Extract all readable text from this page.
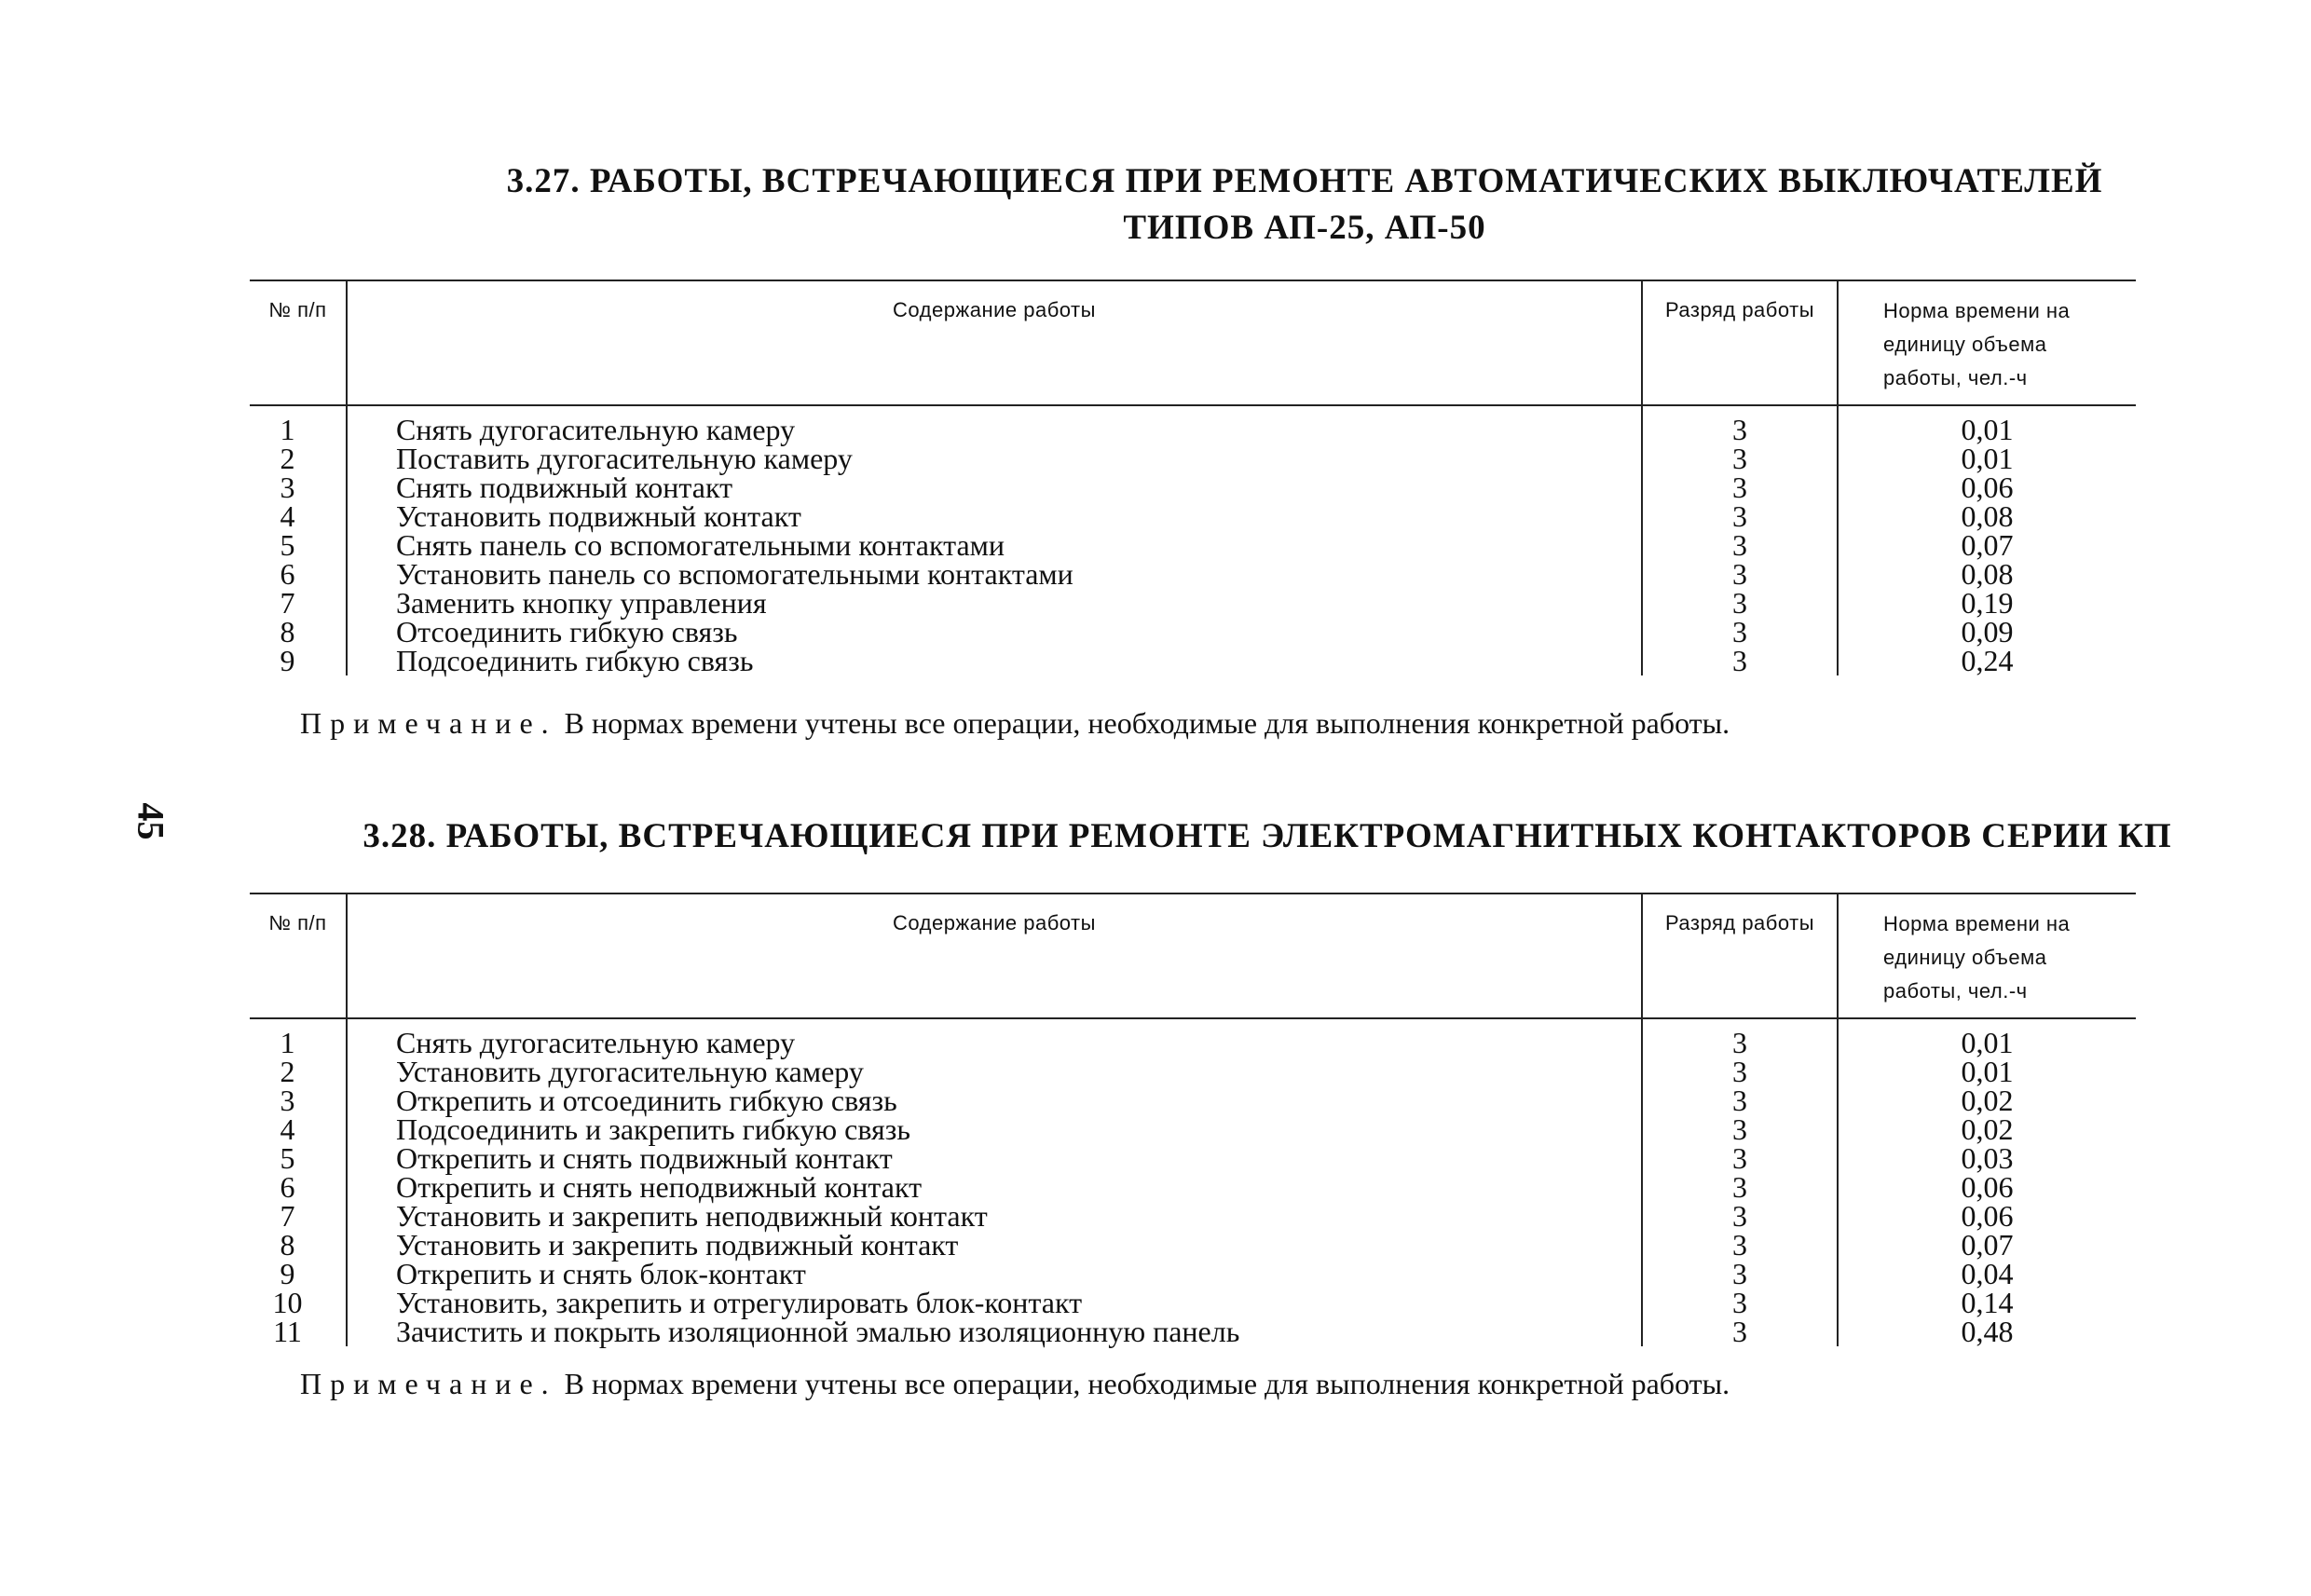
45
3.27. РАБОТЫ, ВСТРЕЧАЮЩИЕСЯ ПРИ РЕМОНТЕ АВТОМАТИЧЕСКИХ ВЫКЛЮЧАТЕЛЕЙ
ТИПОВ АП-25, АП-50
№ п/п	Содержание работы	Разряд работы	Норма времени на
единицу объема
работы, чел.-ч

1	Снять дугогасительную камеру	3	0,01
2	Поставить дугогасительную камеру	3	0,01
3	Снять подвижный контакт	3	0,06
4	Установить подвижный контакт	3	0,08
5	Снять панель со вспомогательными контактами	3	0,07
6	Установить панель со вспомогательными контактами	3	0,08
7	Заменить кнопку управления	3	0,19
8	Отсоединить гибкую связь	3	0,09
9	Подсоединить гибкую связь	3	0,24
Примечание. В нормах времени учтены все операции, необходимые для выполнения конкретной работы.
3.28. РАБОТЫ, ВСТРЕЧАЮЩИЕСЯ ПРИ РЕМОНТЕ ЭЛЕКТРОМАГНИТНЫХ КОНТАКТОРОВ СЕРИИ КП
№ п/п	Содержание работы	Разряд работы	Норма времени на
единицу объема
работы, чел.-ч

1	Снять дугогасительную камеру	3	0,01
2	Установить дугогасительную камеру	3	0,01
3	Открепить и отсоединить гибкую связь	3	0,02
4	Подсоединить и закрепить гибкую связь	3	0,02
5	Открепить и снять подвижный контакт	3	0,03
6	Открепить и снять неподвижный контакт	3	0,06
7	Установить и закрепить неподвижный контакт	3	0,06
8	Установить и закрепить подвижный контакт	3	0,07
9	Открепить и снять блок-контакт	3	0,04
10	Установить, закрепить и отрегулировать блок-контакт	3	0,14
11	Зачистить и покрыть изоляционной эмалью изоляционную панель	3	0,48
Примечание. В нормах времени учтены все операции, необходимые для выполнения конкретной работы.
